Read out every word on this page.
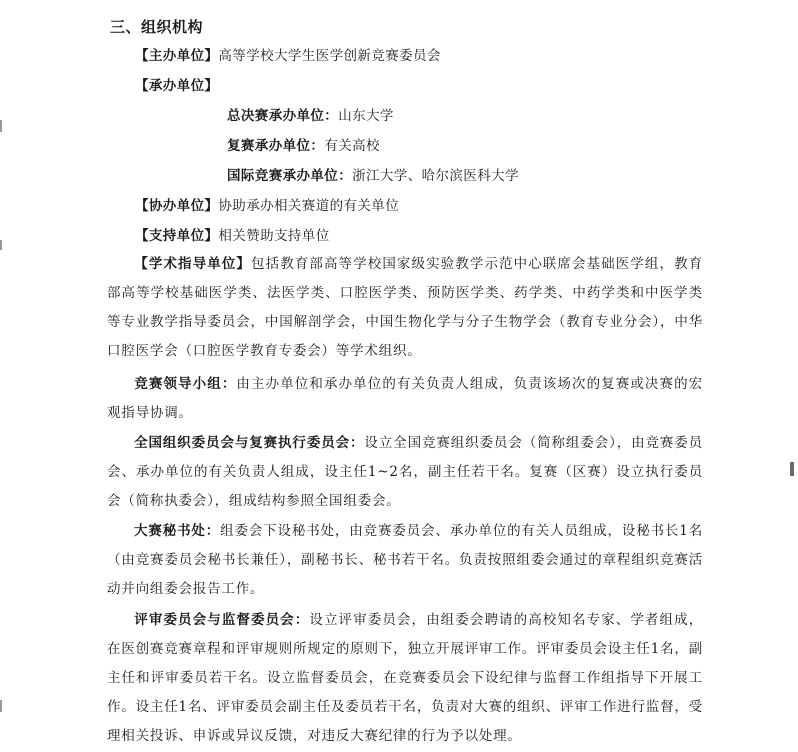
三、组织机构
【主办单位】高等学校大学生医学创新竞赛委员会
【承办单位】
总决赛承办单位：山东大学
复赛承办单位：有关高校
国际竞赛承办单位：浙江大学、哈尔滨医科大学
【协办单位】协助承办相关赛道的有关单位
【支持单位】相关赞助支持单位
【学术指导单位】包括教育部高等学校国家级实验教学示范中心联席会基础医学组，教育部高等学校基础医学类、法医学类、口腔医学类、预防医学类、药学类、中药学类和中医学类等专业教学指导委员会，中国解剖学会，中国生物化学与分子生物学会（教育专业分会），中华口腔医学会（口腔医学教育专委会）等学术组织。
竞赛领导小组：由主办单位和承办单位的有关负责人组成，负责该场次的复赛或决赛的宏观指导协调。
全国组织委员会与复赛执行委员会：设立全国竞赛组织委员会（简称组委会），由竞赛委员会、承办单位的有关负责人组成，设主任1~2名，副主任若干名。复赛（区赛）设立执行委员会（简称执委会），组成结构参照全国组委会。
大赛秘书处：组委会下设秘书处，由竞赛委员会、承办单位的有关人员组成，设秘书长1名（由竞赛委员会秘书长兼任），副秘书长、秘书若干名。负责按照组委会通过的章程组织竞赛活动并向组委会报告工作。
评审委员会与监督委员会：设立评审委员会，由组委会聘请的高校知名专家、学者组成，在医创赛竞赛章程和评审规则所规定的原则下，独立开展评审工作。评审委员会设主任1名，副主任和评审委员若干名。设立监督委员会，在竞赛委员会下设纪律与监督工作组指导下开展工作。设主任1名、评审委员会副主任及委员若干名，负责对大赛的组织、评审工作进行监督，受理相关投诉、申诉或异议反馈，对违反大赛纪律的行为予以处理。
